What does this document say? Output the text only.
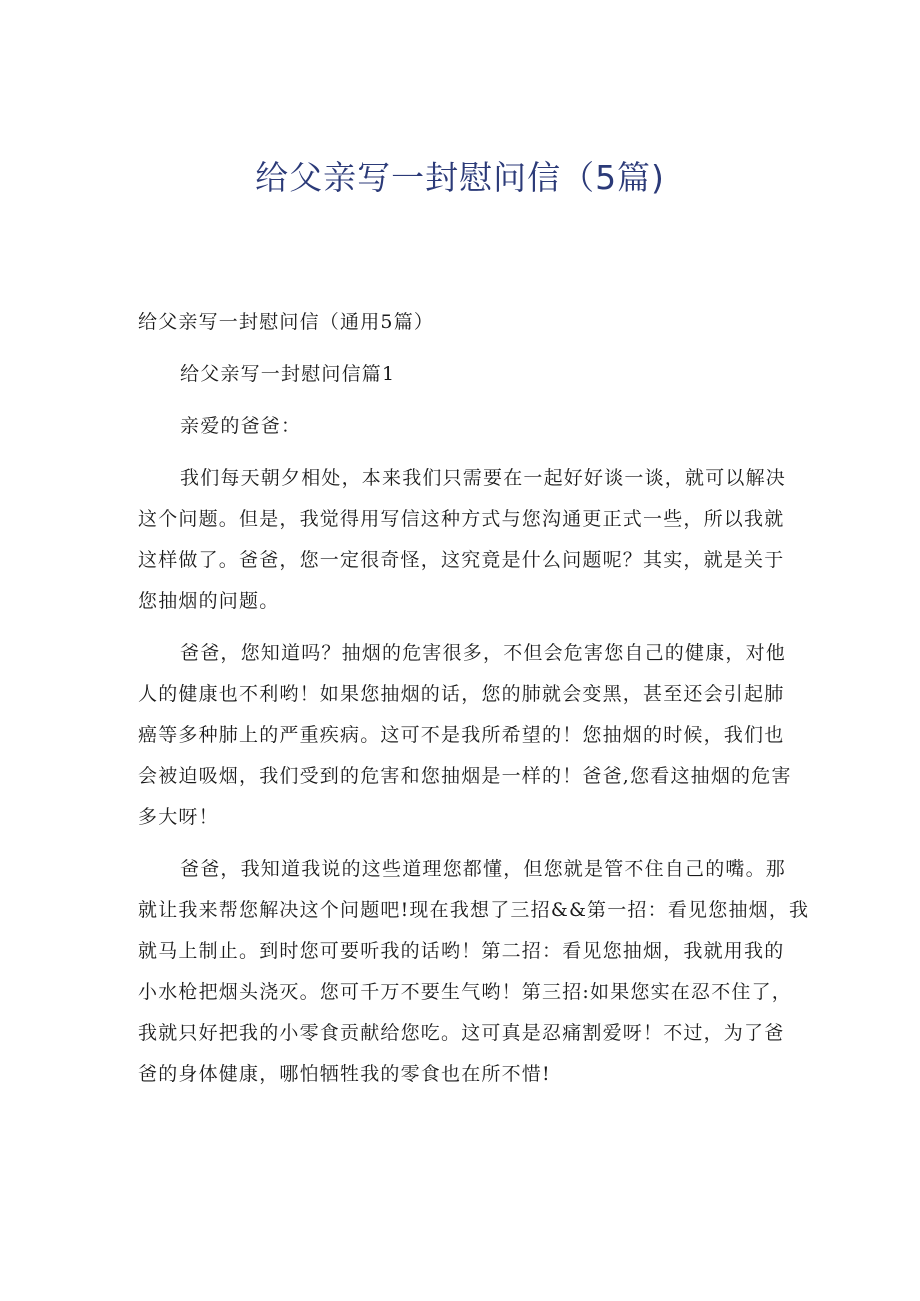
给父亲写一封慰问信（5篇)

给父亲写一封慰问信（通用5篇）

给父亲写一封慰问信篇1

亲爱的爸爸：

我们每天朝夕相处，本来我们只需要在一起好好谈一谈，就可以解决

这个问题。但是，我觉得用写信这种方式与您沟通更正式一些，所以我就

这样做了。爸爸，您一定很奇怪，这究竟是什么问题呢？其实，就是关于

您抽烟的问题。

爸爸，您知道吗？抽烟的危害很多，不但会危害您自己的健康，对他

人的健康也不利哟！如果您抽烟的话，您的肺就会变黑，甚至还会引起肺

癌等多种肺上的严重疾病。这可不是我所希望的！您抽烟的时候，我们也

会被迫吸烟，我们受到的危害和您抽烟是一样的！爸爸,您看这抽烟的危害

多大呀！

爸爸，我知道我说的这些道理您都懂，但您就是管不住自己的嘴。那

就让我来帮您解决这个问题吧!现在我想了三招&&第一招：看见您抽烟，我

就马上制止。到时您可要听我的话哟！第二招：看见您抽烟，我就用我的

小水枪把烟头浇灭。您可千万不要生气哟！第三招:如果您实在忍不住了，

我就只好把我的小零食贡献给您吃。这可真是忍痛割爱呀！不过，为了爸

爸的身体健康，哪怕牺牲我的零食也在所不惜!
